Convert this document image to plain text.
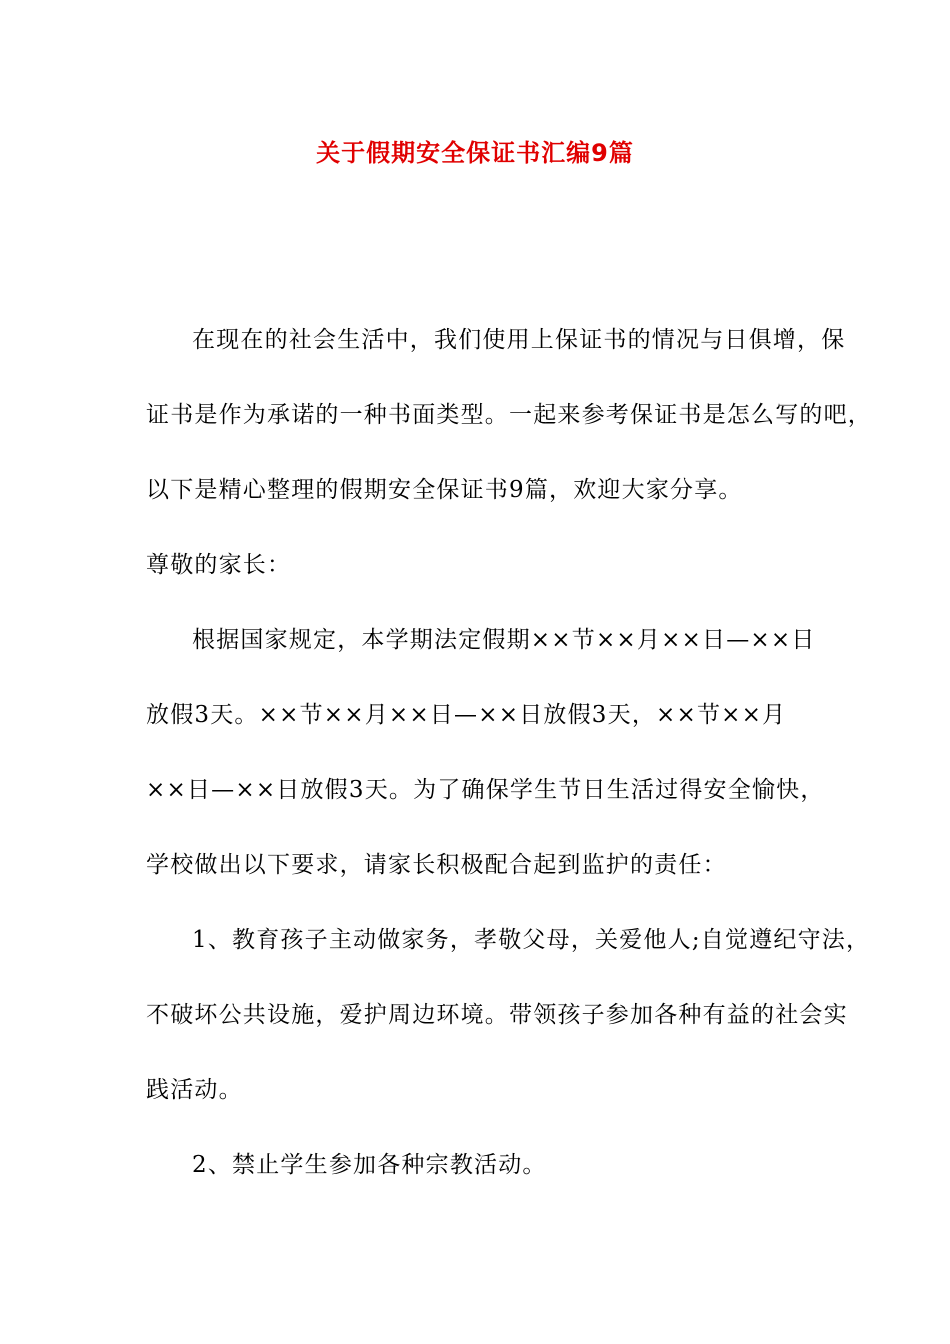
关于假期安全保证书汇编9篇
在现在的社会生活中，我们使用上保证书的情况与日俱增，保
证书是作为承诺的一种书面类型。一起来参考保证书是怎么写的吧，
以下是精心整理的假期安全保证书9篇，欢迎大家分享。
尊敬的家长：
根据国家规定，本学期法定假期××节××月××日—××日
放假3天。××节××月××日—××日放假3天，××节××月
××日—××日放假3天。为了确保学生节日生活过得安全愉快，
学校做出以下要求，请家长积极配合起到监护的责任：
1、教育孩子主动做家务，孝敬父母，关爱他人;自觉遵纪守法，
不破坏公共设施，爱护周边环境。带领孩子参加各种有益的社会实
践活动。
2、禁止学生参加各种宗教活动。
